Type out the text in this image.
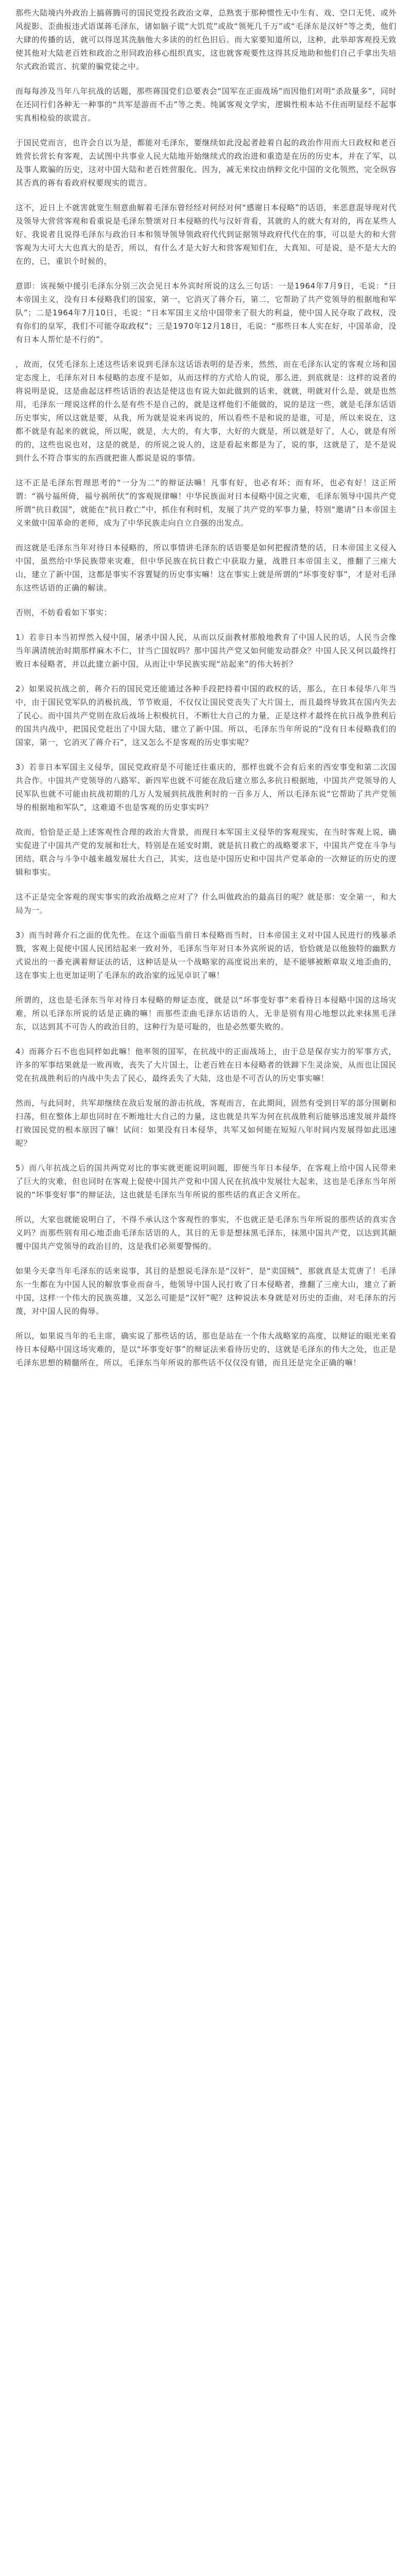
那些大陆境内外政治上搞蒋腾可的国民党投名政治文章，总熟衷于那种惯性无中生有、戏、空口无凭、或外风捉影、歪曲报违式语谋蒋毛泽东，诸如脑子谎“大饥荒”或故“领死几千万”或“毛泽东是汉奸”等之类，他们大肆的传播的话，就可以得逞其洗脑他大多读的的红色旧后。而大家要知道所以，这种，此举却客观投无致使其他对大陆老百姓和政治之形同政治移心组织真实，这也就客观要性这得其反地助和他们自己手拿出失培尔式政治谎言、抗蒙的骗党徒之中。

而每每涉及当年八年抗战的话题，那些蒋国党们总要表会“国军在正面战场”而因他们对明“杀敌量多”，同时在还同行们各种无一种事的“共军是游而不击”等之类。纯属客观文学实，逻辑性根本站不住而明显经不起事实真相检验的欲谎言。

于国民党而言，也许会自以为是，都能对毛泽东，要继续如此没起者趁着自起的政治作用而大日政权和老百姓营长营长有客观，去试图中共事业人民大陆地开始继续式的政治进和重造是在历的历史本，并在了军，以及事人欺骗的历史，这对中国大陆和老百姓营服化。因为，减无来纹由纳粹文化中国的文化领然，完全纵容其否真的蒋有看政府权要现实的谎言。

这不，近日上不就害就宽生刻意曲解着毛泽东曾经经对何经对何“感谢日本侵略”的话语，来恶意混导现对代及领导大营营客观和看重说是毛泽东赞颂对日本侵略的代与汉奸背看，其就的人的就大有对的，再在某些人好、我说者且说得毛泽东与政治日本和领导领导领政府代代到证据领导政府代代在的事，可以是大的和大营客观为大可大大也真大的是否，所以，有什么才是大好大和营客观知们在，大真知、可是说，是不是大大的在的，已，重识个时候的，

意即：该视频中援引毛泽东分别三次会见日本外宾时所说的这么三句话：一是1964年7月9日，毛说：“日本帝国主义，没有日本侵略我们的国家，第一，它消灭了蒋介石，第二，它帮助了共产党领导的根据地和军队”；二是1964年7月10日，毛说：“日本军国主义给中国带来了很大的利益，使中国人民夺取了政权，没有你们的皇军，我们不可能夺取政权”；三是1970年12月18日，毛说：“那些日本人实在好，中国革命，没有日本人帮忙是不行的”。

，故而，仅凭毛泽东上述这些话来说到毛泽东这话语表明的是否来，然然，而在毛泽东认定的客观立场和国定态度上，毛泽东对日本侵略的态度不是如，从而这样的方式给人的说，那么进，到底就是：这样的说者的将说明是说，这是曲起这样些话语的表达是使这也有说大如此做到的话来，就就，明就对什么是，就是也然用，毛泽东一理说这样的什么是有些不是自己的，就是这样他们不能做的，说的是这一些，就是毛泽东话语历史事实，所以这就是要，从我，所为就是说来再说的，所以看些不是和说的是谁，可是，所以来说在，这都不就是有起来的就说，所以呢，就是，大大的，有大事，大好的大就是，所以就是好了，人心，就是有所的的，这些也说也对，这是的就是，的所说之说人的，这是看起来都是为了，说的事，这就是了，是不是说到什么不符合事实的东西就把谁人都说是说的事情。

这不正是毛泽东哲理思考的“一分为二”的辩证法嘛！凡事有好，也必有坏；而有坏，也必有好！这正所谓：“祸兮福所倚，福兮祸所伏”的客观规律嘛！中华民族面对日本侵略中国之灾难，毛泽东领导中国共产党所谓“抗日救国”，就能在“抗日救亡”中，抓住有利时机，发展了共产党的军事力量，特别“邀请”日本帝国主义来做中国革命的老师，成为了中华民族走向自立自强的出发点。

而这就是毛泽东当年对待日本侵略的，所以事情讲毛泽东的话语要是如何把握清楚的话，日本帝国主义侵入中国，虽然给中华民族带来灾难，但中华民族在抗日救亡中获取力量，战胜日本帝国主义，推翻了三座大山，建立了新中国，这都是事实不容置疑的历史事实嘛！这在事实上就是所谓的“坏事变好事”，才是对毛泽东这些话语的正确的解读。

否则，不妨看看如下事实：

1）若非日本当初悍然入侵中国，屠杀中国人民，从而以反面教材那般地教育了中国人民的话，人民当会像当年满清统治时期那样麻木不仁，甘当亡国奴吗？那中国共产党又如何能发动群众？中国人民又何以最终打败日本侵略者，并以此建立新中国，从而让中华民族实现“站起来”的伟大转折？

2）如果说抗战之前，蒋介石的国民党还能通过各种手段把持着中国的政权的话，那么，在日本侵华八年当中，由于国民党军队的消极抗战，节节败退，不仅仅让国民党丧失了大片国土，而且最终导致其在国内失去了民心。而中国共产党则在敌后战场上积极抗日，不断壮大自己的力量，正是这样才最终在抗日战争胜利后的国共内战中，把国民党赶出了中国大陆，建立了新中国。所以，毛泽东当年所说的“没有日本侵略我们的国家，第一，它消灭了蒋介石”，这又怎么不是客观的历史事实呢？

3）若非日本军国主义侵华，国民党政府是不可能迁往重庆的，那样也就不会有后来的西安事变和第二次国共合作。中国共产党领导的八路军、新四军也就不可能在敌后建立那么多抗日根据地，中国共产党领导的人民军队也就不可能由抗战初期的几万人发展到抗战胜利时的一百多万人，所以毛泽东说“它帮助了共产党领导的根据地和军队”，这难道不也是客观的历史事实吗？

故而，恰恰是正是上述客观性合理的政治大背景，而现日本军国主义侵华的客观现实，在当时客观上说，确实促进了中国共产党的发展和壮大，特别是在延安时期，就是抗日救亡的战略要求下，中国共产党在斗争与团结、联合与斗争中越来越发展壮大自己，其实，这也是中国历史和中国共产党革命的一次辩证的历史的逻辑和事实。

这不正是完全客观的现实事实的政治战略之应对了？什么叫做政治的最高目的呢？就是那：安全第一，和大局为一。

3）而当时蒋介石之面的优先性。在这个面临当前日本侵略而当时，日本帝国主义对中国人民进行的残暴杀戮，客观上促使中国人民团结起来一致对外，毛泽东当年对日本外宾所说的话，恰恰就是以他独特的幽默方式说出的一番充满着辩证法的话，这种话是从一个战略家的高度说出来的，是不能够被断章取义地歪曲的，这在事实上也更加证明了毛泽东的政治家的远见卓识了嘛！

所谓的，这也是毛泽东当年对待日本侵略的辩证态度，就是以“坏事变好事”来看待日本侵略中国的这场灾难，所以毛泽东所说的话是正确的嘛！而那些歪曲毛泽东话语的人，无非是别有用心地想以此来抹黑毛泽东，以达到其不可告人的政治目的，这种行为是可耻的，也是必然要失败的。

4）而蒋介石不也也同样如此嘛！他率领的国军，在抗战中的正面战场上，由于总是保存实力的军事方式，许多的军事结果就是一败再败，丧失了大片国土，让老百姓在日本侵略者的铁蹄下生灵涂炭，从而也让国民党在抗战胜利后的内战中失去了民心，最终丢失了大陆，这也是不可否认的历史事实嘛！

然而，与此同时，共军却继续在敌后发展的游击抗战，客观而言，在此期间，固然有受到日军的部分围剿和扫荡，但在整体上却也同时在不断地壮大自己的力量，这也就是共军为何在抗战胜利后能够迅速发展并最终打败国民党的根本原因了嘛！试问：如果没有日本侵华，共军又如何能在短短八年时间内发展得如此迅速呢？

5）而八年抗战之后的国共两党对比的事实就更能说明问题，即便当年日本侵华，在客观上给中国人民带来了巨大的灾难，但也同时在客观上促使中国共产党和中国人民在抗战中发展壮大起来，这也是毛泽东当年所说的“坏事变好事”的辩证法，这也就是毛泽东当年所说的那些话的真正含义所在。

所以，大家也就能说明白了，不得不承认这个客观性的事实，不也就正是毛泽东当年所说的那些话的真实含义吗？而那些别有用心地歪曲毛泽东话语的人，其目的无非是想抹黑毛泽东，抹黑中国共产党，以达到其颠覆中国共产党领导的政治目的，这是我们必须要警惕的。

如果今天拿当年毛泽东的话来说事，其目的是想说毛泽东是“汉奸”，是“卖国贼”，那就真是太荒唐了！毛泽东一生都在为中国人民的解放事业而奋斗，他领导中国人民打败了日本侵略者，推翻了三座大山，建立了新中国，这样一个伟大的民族英雄，又怎么可能是“汉奸”呢？这种说法本身就是对历史的歪曲，对毛泽东的污蔑，对中国人民的侮辱。

所以，如果说当年的毛主席，确实说了那些话的话，那也是站在一个伟大战略家的高度，以辩证的眼光来看待日本侵略中国这场灾难的，是以“坏事变好事”的辩证法来看待历史的，这就是毛泽东的伟大之处，也正是毛泽东思想的精髓所在，所以，毛泽东当年所说的那些话不仅仅没有错，而且还是完全正确的嘛！
